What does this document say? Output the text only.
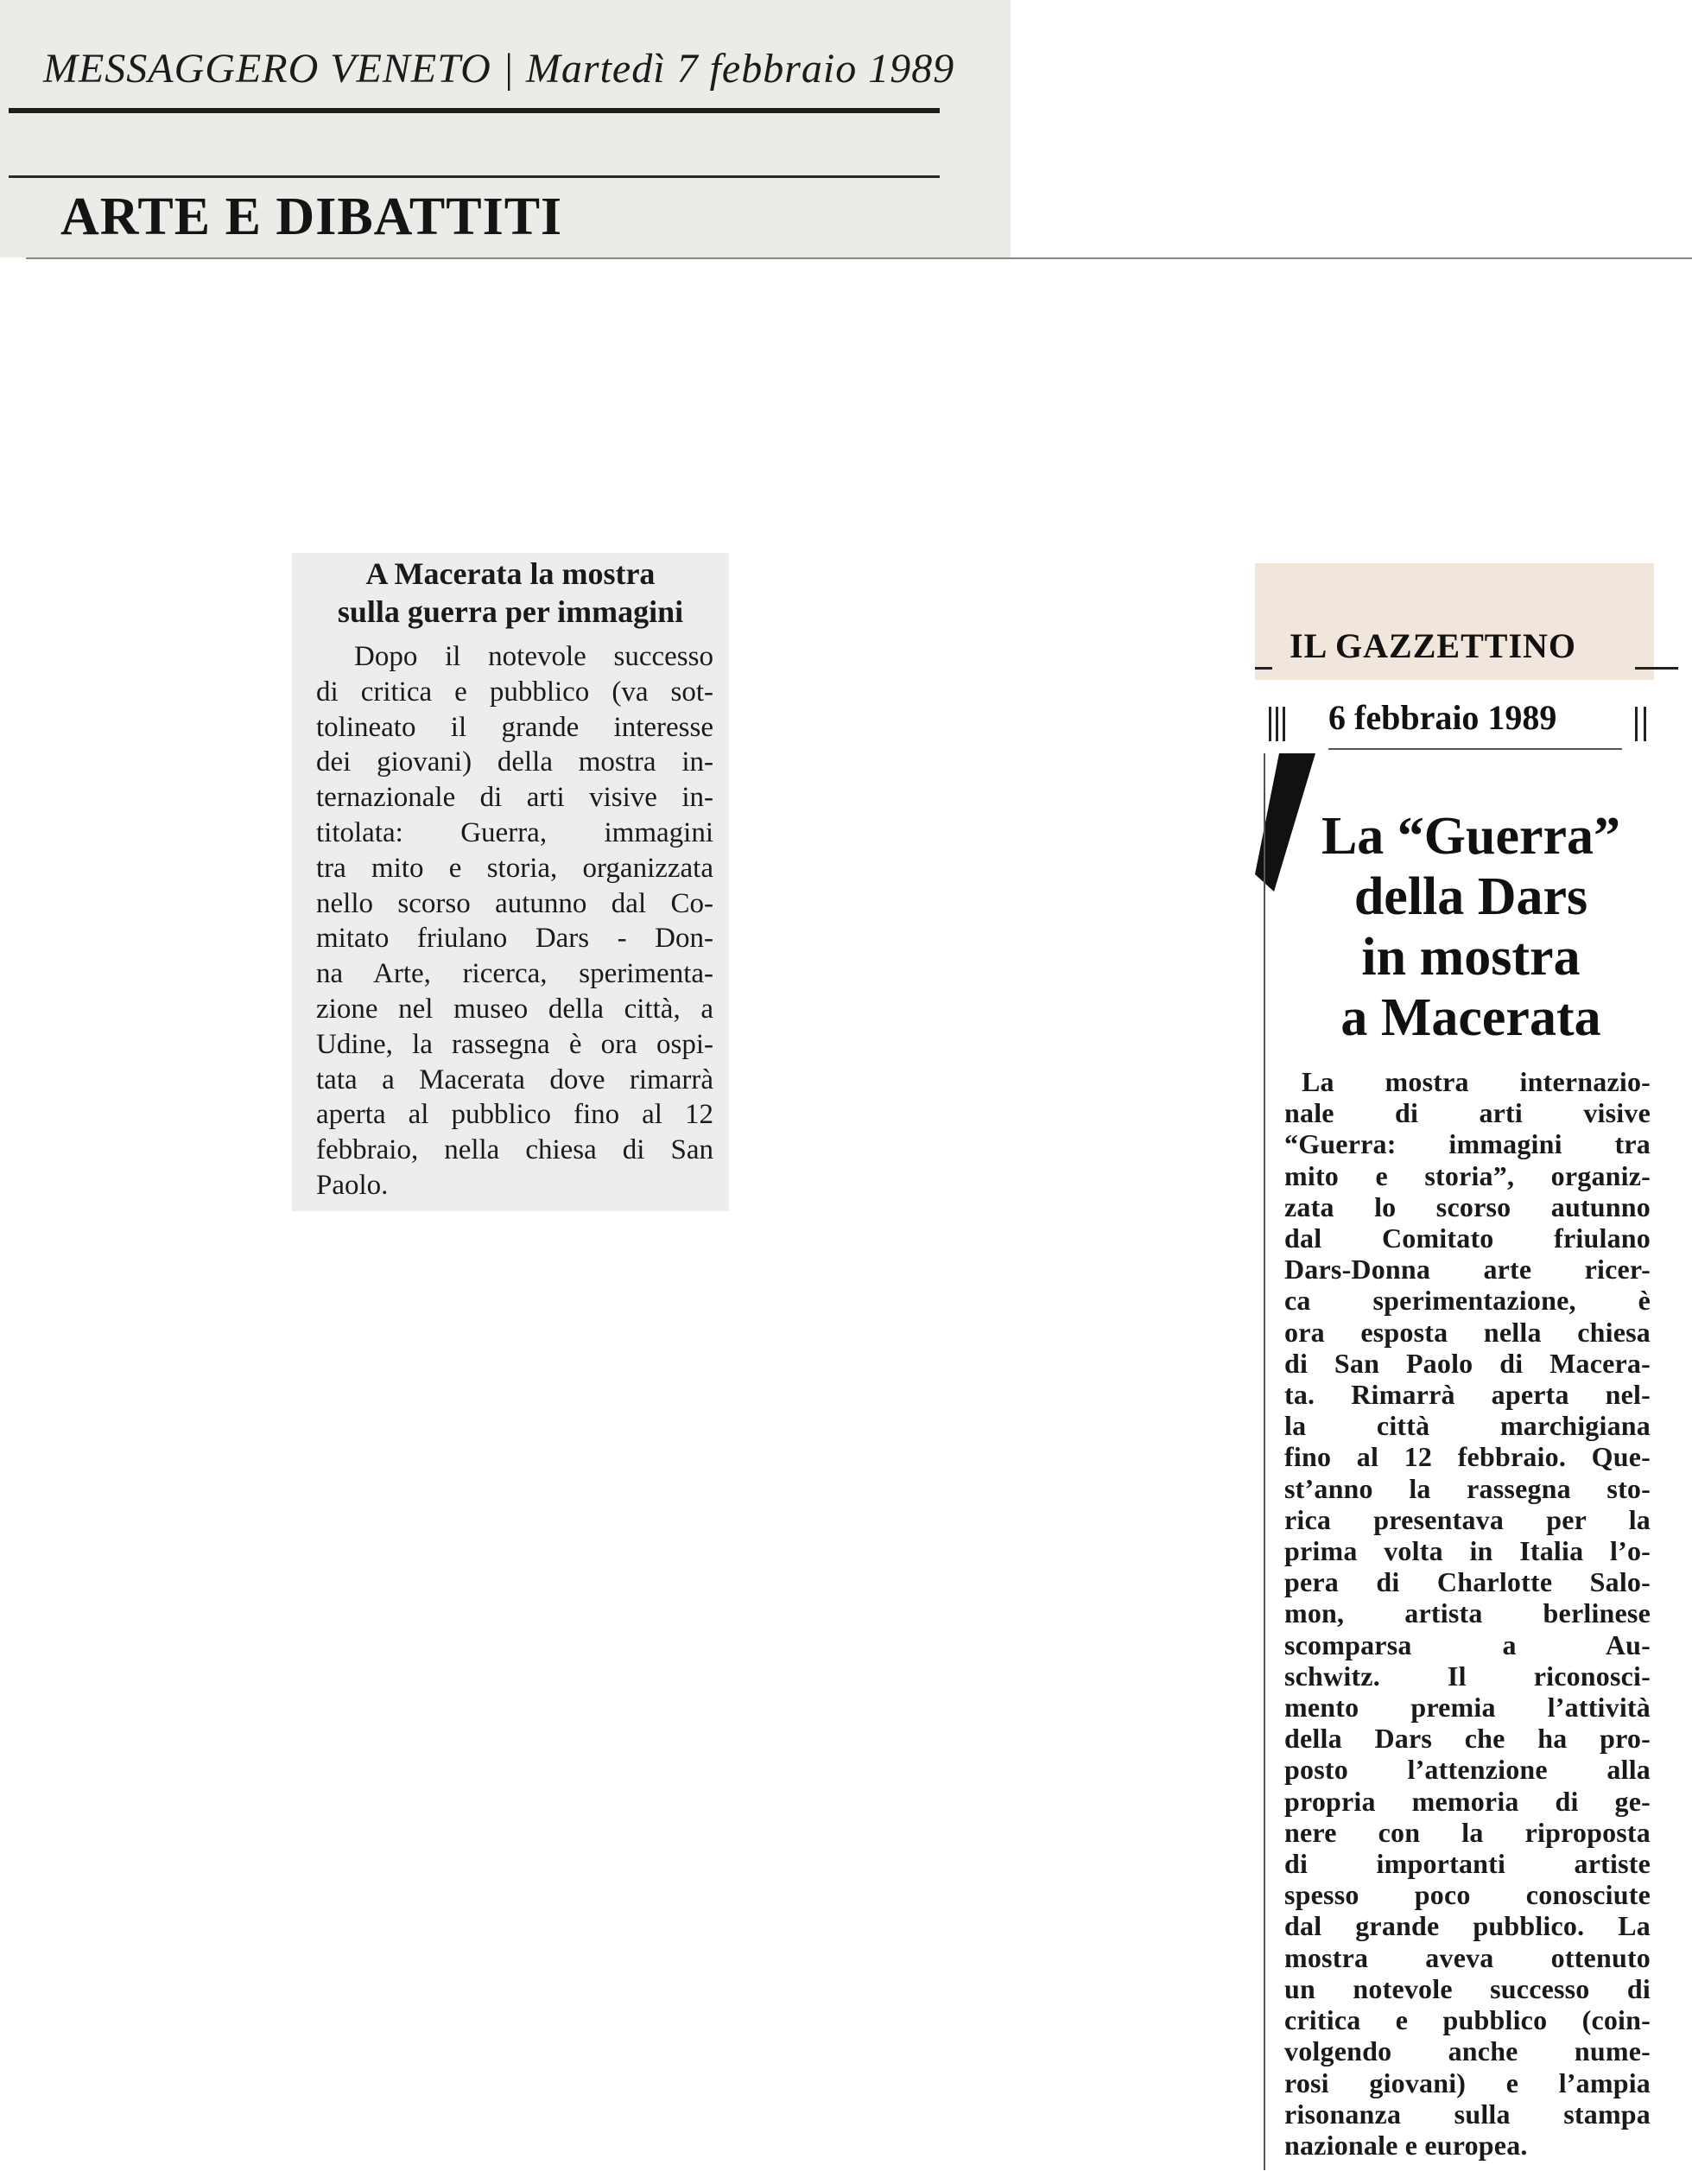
MESSAGGERO VENETO | Martedì 7 febbraio 1989
ARTE E DIBATTITI
A Macerata la mostra
sulla guerra per immagini
Dopo il notevole successo
di critica e pubblico (va sot-
tolineato il grande interesse
dei giovani) della mostra in-
ternazionale di arti visive in-
titolata: Guerra, immagini
tra mito e storia, organizzata
nello scorso autunno dal Co-
mitato friulano Dars - Don-
na Arte, ricerca, sperimenta-
zione nel museo della città, a
Udine, la rassegna è ora ospi-
tata a Macerata dove rimarrà
aperta al pubblico fino al 12
febbraio, nella chiesa di San
Paolo.
IL GAZZETTINO
6 febbraio 1989
La “Guerra”
della Dars
in mostra
a Macerata
La mostra internazio-
nale di arti visive
“Guerra: immagini tra
mito e storia”, organiz-
zata lo scorso autunno
dal Comitato friulano
Dars-Donna arte ricer-
ca sperimentazione, è
ora esposta nella chiesa
di San Paolo di Macera-
ta. Rimarrà aperta nel-
la città marchigiana
fino al 12 febbraio. Que-
st’anno la rassegna sto-
rica presentava per la
prima volta in Italia l’o-
pera di Charlotte Salo-
mon, artista berlinese
scomparsa a Au-
schwitz. Il riconosci-
mento premia l’attività
della Dars che ha pro-
posto l’attenzione alla
propria memoria di ge-
nere con la riproposta
di importanti artiste
spesso poco conosciute
dal grande pubblico. La
mostra aveva ottenuto
un notevole successo di
critica e pubblico (coin-
volgendo anche nume-
rosi giovani) e l’ampia
risonanza sulla stampa
nazionale e europea.
